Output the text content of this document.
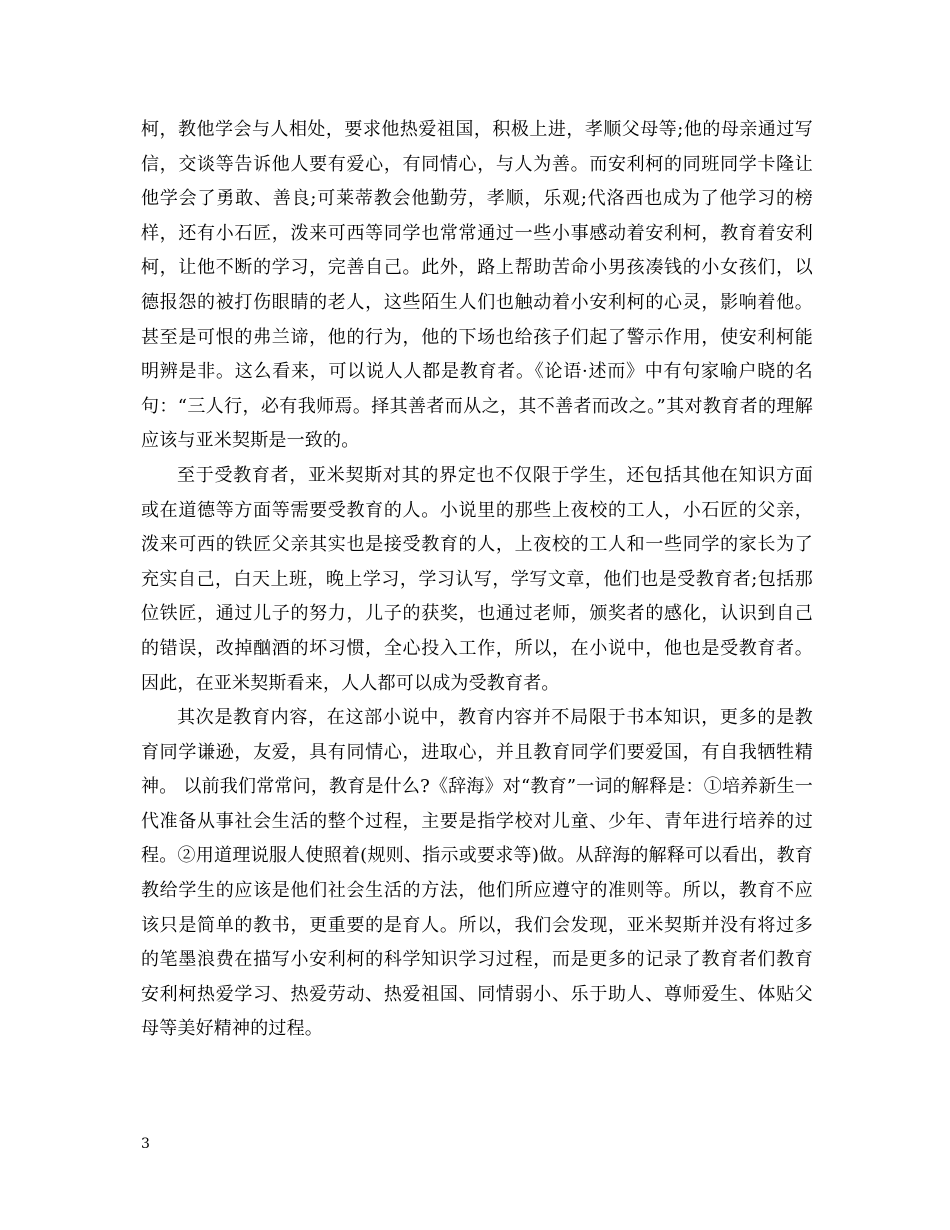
柯，教他学会与人相处，要求他热爱祖国，积极上进，孝顺父母等;他的母亲通过写信，交谈等告诉他人要有爱心，有同情心，与人为善。而安利柯的同班同学卡隆让他学会了勇敢、善良;可莱蒂教会他勤劳，孝顺，乐观;代洛西也成为了他学习的榜样，还有小石匠，泼来可西等同学也常常通过一些小事感动着安利柯，教育着安利柯，让他不断的学习，完善自己。此外，路上帮助苦命小男孩凑钱的小女孩们，以德报怨的被打伤眼睛的老人，这些陌生人们也触动着小安利柯的心灵，影响着他。甚至是可恨的弗兰谛，他的行为，他的下场也给孩子们起了警示作用，使安利柯能明辨是非。这么看来，可以说人人都是教育者。《论语·述而》中有句家喻户晓的名句：“三人行，必有我师焉。择其善者而从之，其不善者而改之。”其对教育者的理解应该与亚米契斯是一致的。

至于受教育者，亚米契斯对其的界定也不仅限于学生，还包括其他在知识方面或在道德等方面等需要受教育的人。小说里的那些上夜校的工人，小石匠的父亲，泼来可西的铁匠父亲其实也是接受教育的人，上夜校的工人和一些同学的家长为了充实自己，白天上班，晚上学习，学习认写，学写文章，他们也是受教育者;包括那位铁匠，通过儿子的努力，儿子的获奖，也通过老师，颁奖者的感化，认识到自己的错误，改掉酗酒的坏习惯，全心投入工作，所以，在小说中，他也是受教育者。因此，在亚米契斯看来，人人都可以成为受教育者。

其次是教育内容，在这部小说中，教育内容并不局限于书本知识，更多的是教育同学谦逊，友爱，具有同情心，进取心，并且教育同学们要爱国，有自我牺牲精神。 以前我们常常问，教育是什么?《辞海》对“教育”一词的解释是：①培养新生一代准备从事社会生活的整个过程，主要是指学校对儿童、少年、青年进行培养的过程。②用道理说服人使照着(规则、指示或要求等)做。从辞海的解释可以看出，教育教给学生的应该是他们社会生活的方法，他们所应遵守的准则等。所以，教育不应该只是简单的教书，更重要的是育人。所以，我们会发现，亚米契斯并没有将过多的笔墨浪费在描写小安利柯的科学知识学习过程，而是更多的记录了教育者们教育安利柯热爱学习、热爱劳动、热爱祖国、同情弱小、乐于助人、尊师爱生、体贴父母等美好精神的过程。

3
